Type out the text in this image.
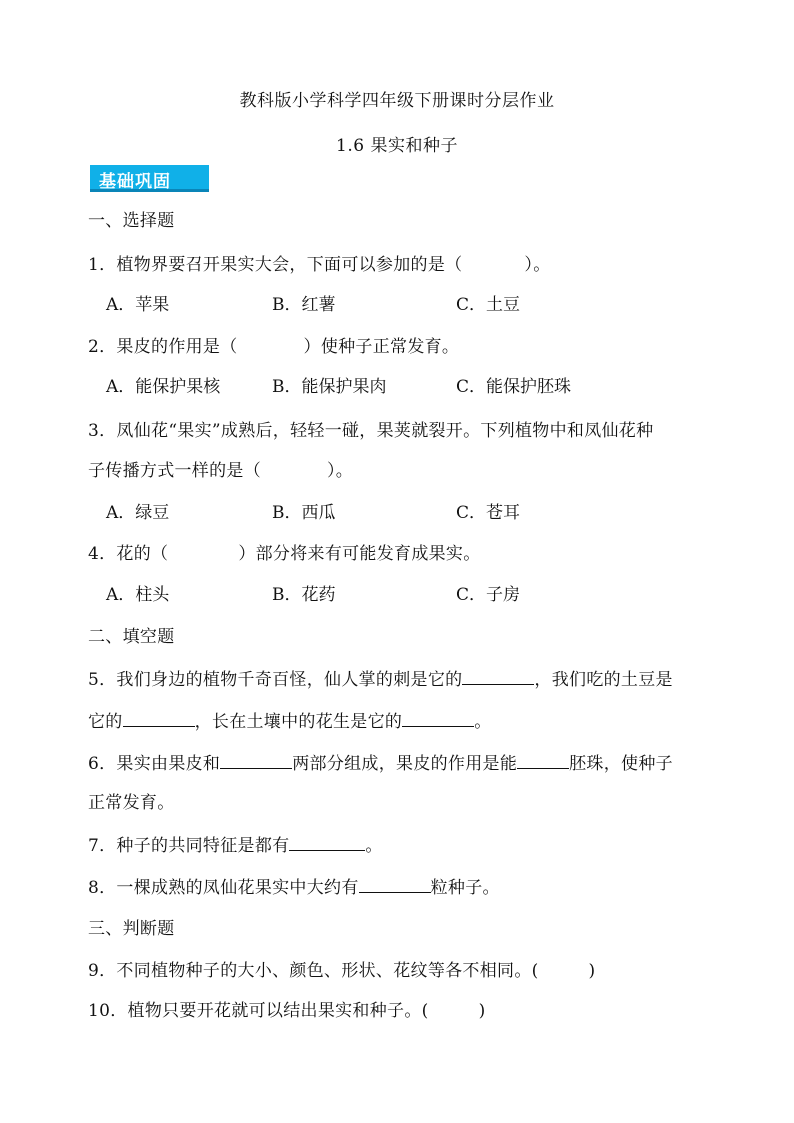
教科版小学科学四年级下册课时分层作业
1.6 果实和种子
基础巩固
一、选择题
1．植物界要召开果实大会，下面可以参加的是（	）。
A．苹果	B．红薯	C．土豆
2．果皮的作用是（	）使种子正常发育。
A．能保护果核	B．能保护果肉	C．能保护胚珠
3．凤仙花“果实”成熟后，轻轻一碰，果荚就裂开。下列植物中和凤仙花种
子传播方式一样的是（	）。
A．绿豆	B．西瓜	C．苍耳
4．花的（	）部分将来有可能发育成果实。
A．柱头	B．花药	C．子房
二、填空题
5．我们身边的植物千奇百怪，仙人掌的刺是它的	，我们吃的土豆是
它的	，长在土壤中的花生是它的	。
6．果实由果皮和	两部分组成，果皮的作用是能	胚珠，使种子
正常发育。
7．种子的共同特征是都有	。
8．一棵成熟的凤仙花果实中大约有	粒种子。
三、判断题
9．不同植物种子的大小、颜色、形状、花纹等各不相同。(	)
10．植物只要开花就可以结出果实和种子。(	)
